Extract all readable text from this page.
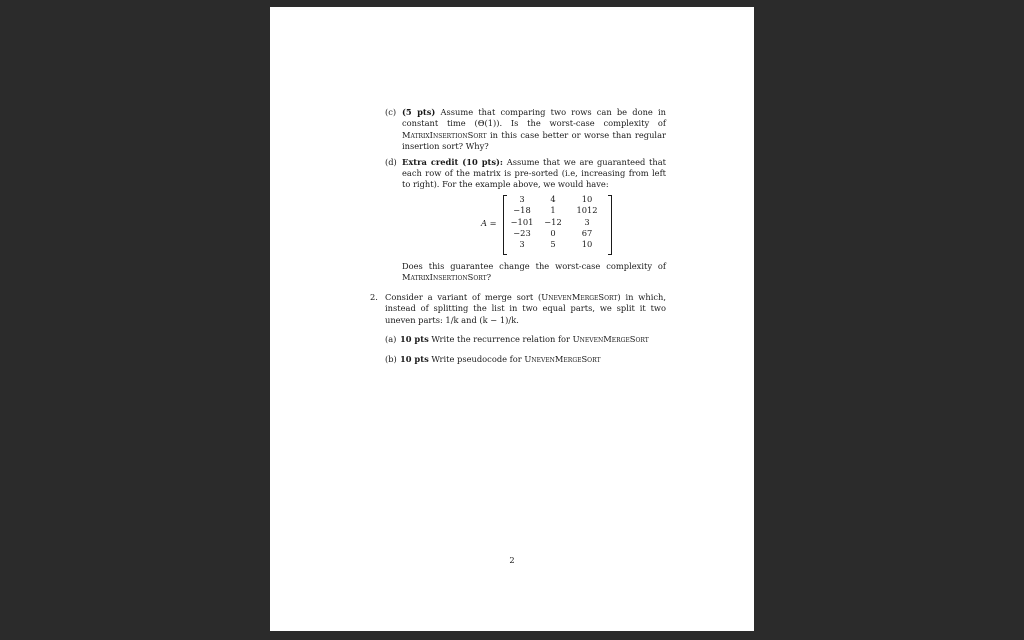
(c) (5 pts) Assume that comparing two rows can be done in constant time (Θ(1)). Is the worst-case complexity of MatrixInsertionSort in this case better or worse than regular insertion sort? Why?

(d) Extra credit (10 pts): Assume that we are guaranteed that each row of the matrix is pre-sorted (i.e, increasing from left to right). For the example above, we would have:

A =
3	4	10
−18	1	1012
−101	−12	3
−23	0	67
3	5	10

Does this guarantee change the worst-case complexity of MatrixInsertionSort?

2. Consider a variant of merge sort (UnevenMergeSort) in which, instead of splitting the list in two equal parts, we split it two uneven parts: 1/k and (k − 1)/k.

(a) 10 pts Write the recurrence relation for UnevenMergeSort

(b) 10 pts Write pseudocode for UnevenMergeSort

2
